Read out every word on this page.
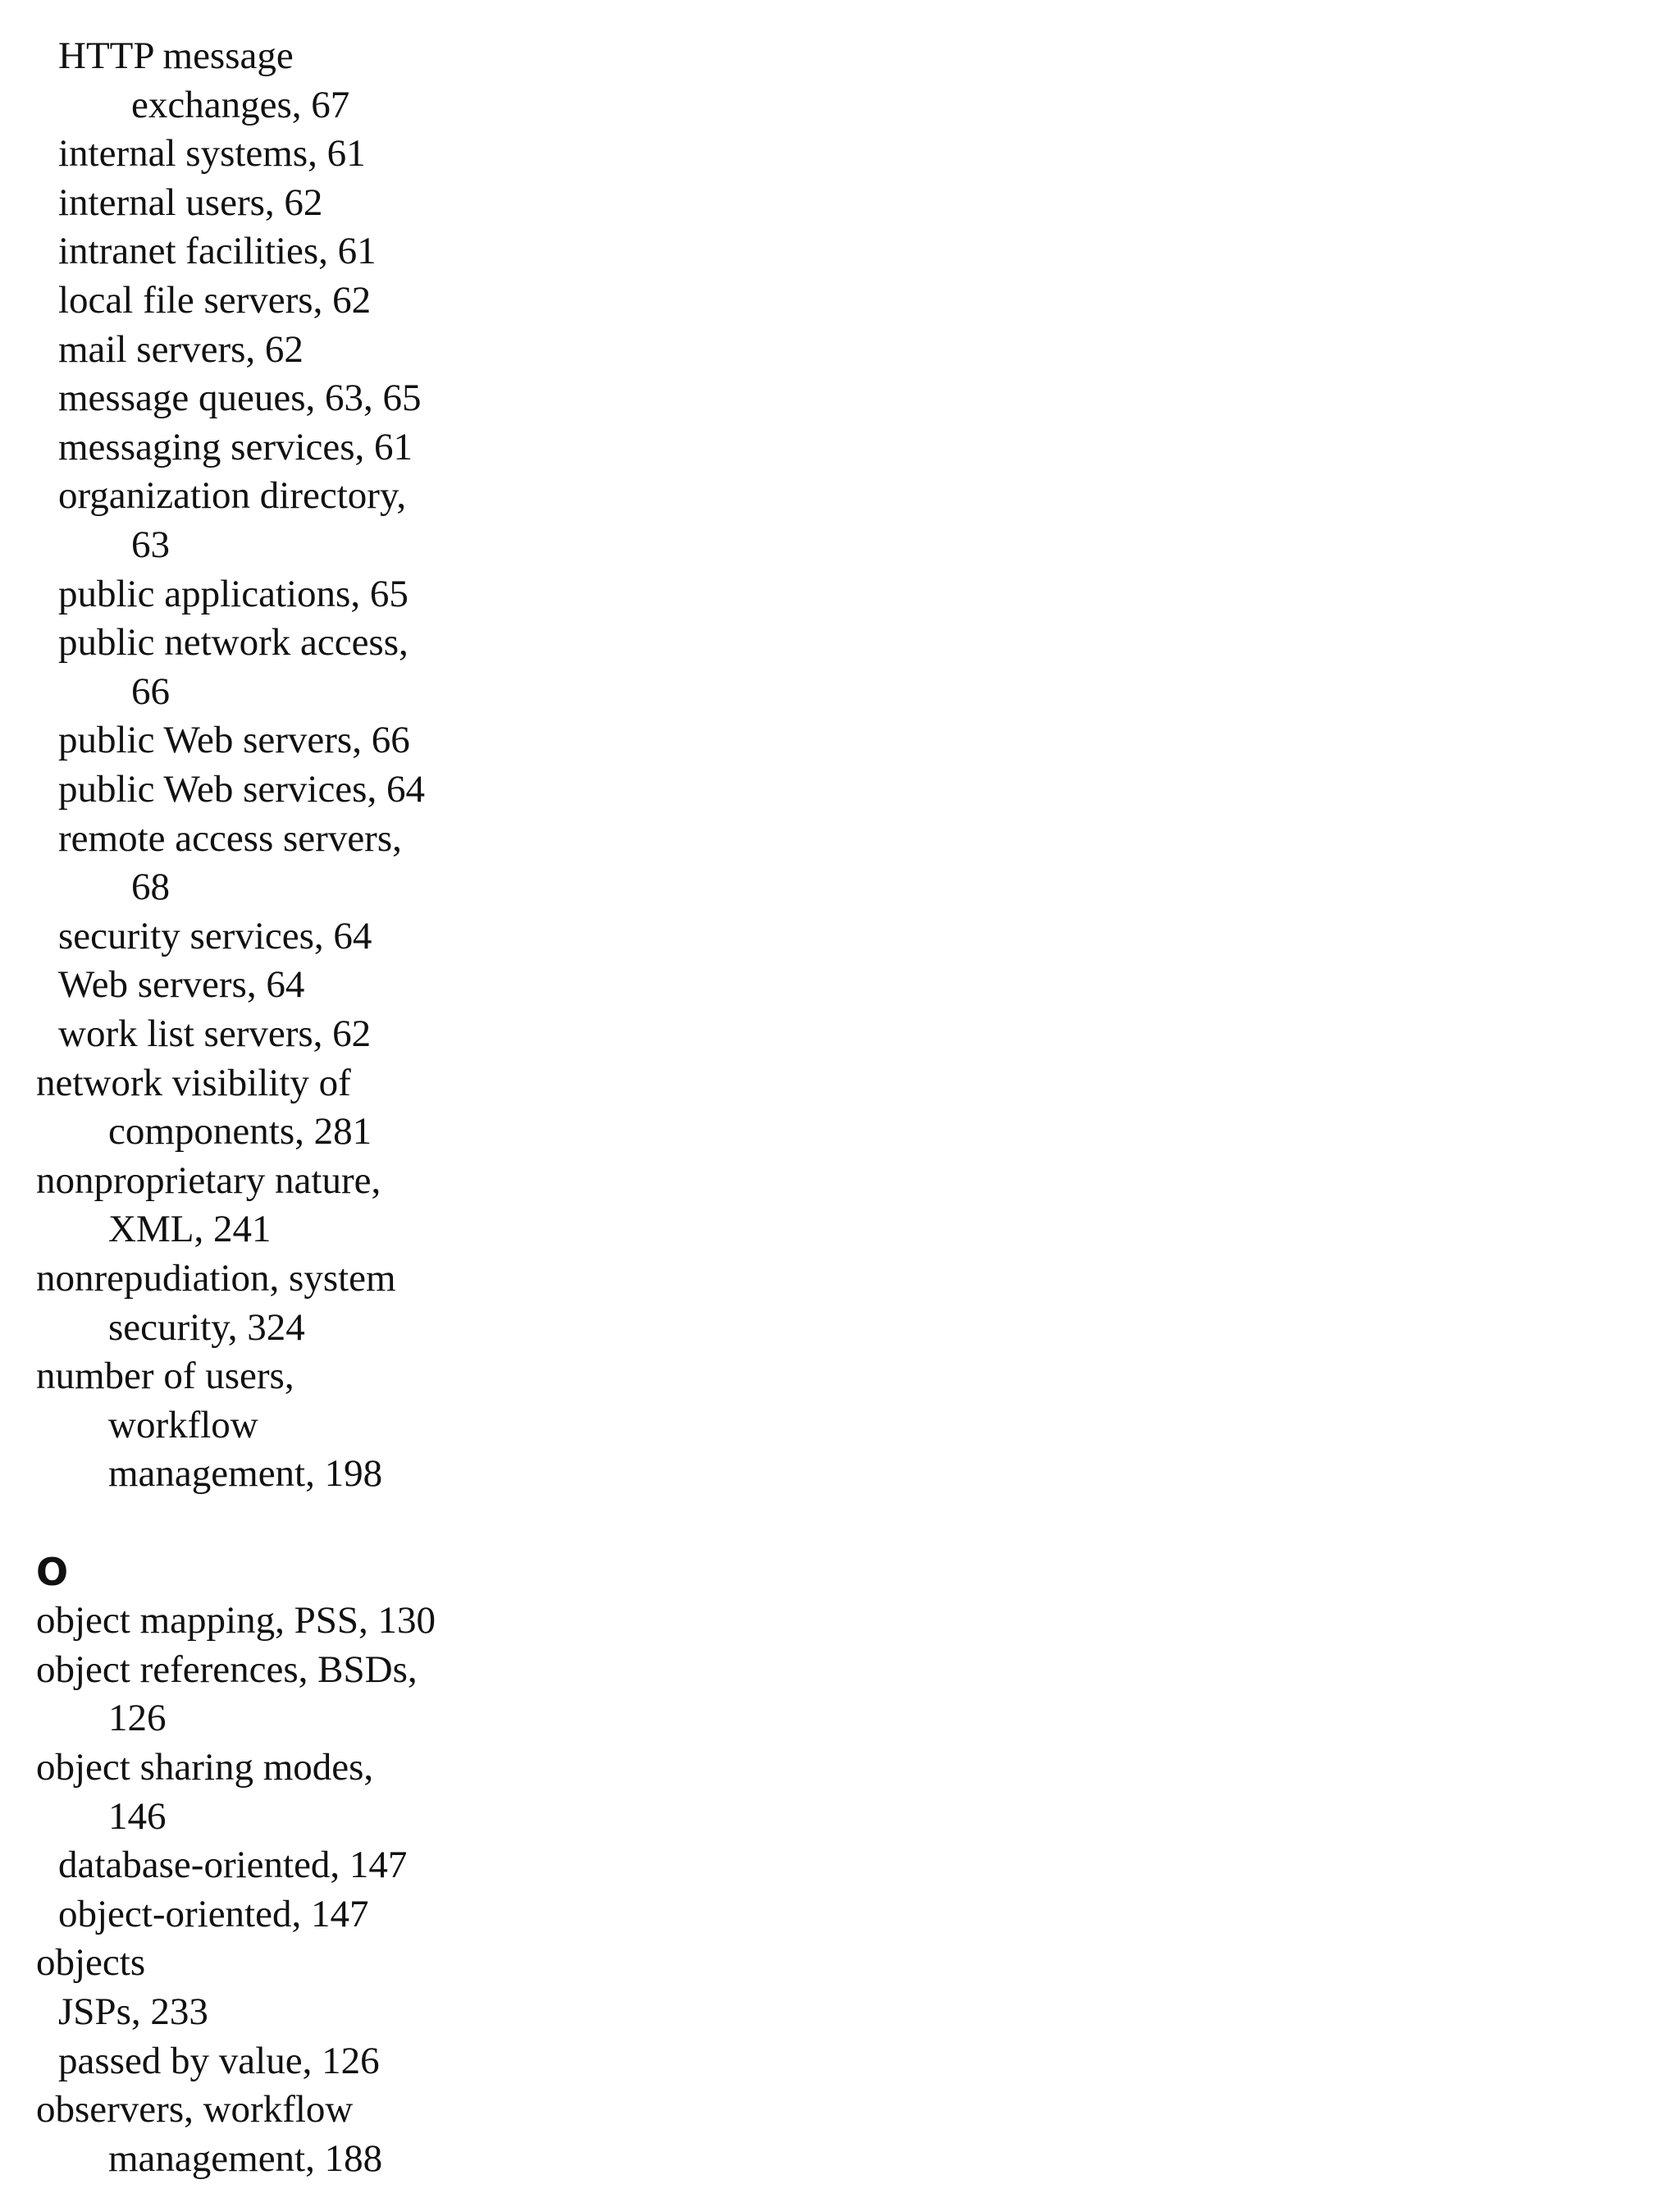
HTTP message
exchanges, 67
internal systems, 61
internal users, 62
intranet facilities, 61
local file servers, 62
mail servers, 62
message queues, 63, 65
messaging services, 61
organization directory,
63
public applications, 65
public network access,
66
public Web servers, 66
public Web services, 64
remote access servers,
68
security services, 64
Web servers, 64
work list servers, 62
network visibility of
components, 281
nonproprietary nature,
XML, 241
nonrepudiation, system
security, 324
number of users,
workflow
management, 198
O
object mapping, PSS, 130
object references, BSDs,
126
object sharing modes,
146
database-oriented, 147
object-oriented, 147
objects
JSPs, 233
passed by value, 126
observers, workflow
management, 188
